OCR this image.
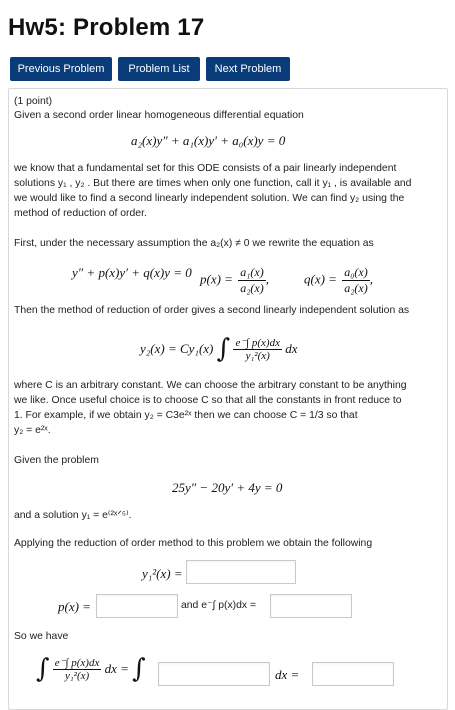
Hw5: Problem 17
Previous Problem	Problem List	Next Problem
(1 point)
Given a second order linear homogeneous differential equation
a₂(x)y″ + a₁(x)y′ + a₀(x)y = 0
we know that a fundamental set for this ODE consists of a pair linearly independent
solutions y₁ , y₂ . But there are times when only one function, call it y₁ , is available and
we would like to find a second linearly independent solution. We can find y₂ using the
method of reduction of order.
First, under the necessary assumption the a₂(x) ≠ 0 we rewrite the equation as
y″ + p(x)y′ + q(x)y = 0 $p(x) = \frac{\text{a₁(x)}}{\text{a₂(x)}}$ ,	$q(x) = \frac{\text{a₀(x)}}{\text{a₂(x)}}$ ,
Then the method of reduction of order gives a second linearly independent solution as
y₂(x) = Cy₁(x) ∫ $\frac{e^-\int p(x)dx}{\text{y₁²(x)}}$ dx
where C is an arbitrary constant. We can choose the arbitrary constant to be anything
we like. Once useful choice is to choose C so that all the constants in front reduce to
1. For example, if we obtain y₂ = C3e²ˣ then we can choose C = 1/3 so that
y₂ = e²ˣ.
Given the problem
25y″ − 20y′ + 4y = 0
and a solution y₁ = e⁽²ˣᐟ⁵⁾.
Applying the reduction of order method to this problem we obtain the following
y₁²(x) =
p(x) =	and e⁻∫ p(x)dx =
So we have
∫ $\frac{e^-\int p(x)dx}{\text{y₁²(x)}}$ dx = ∫	dx =
